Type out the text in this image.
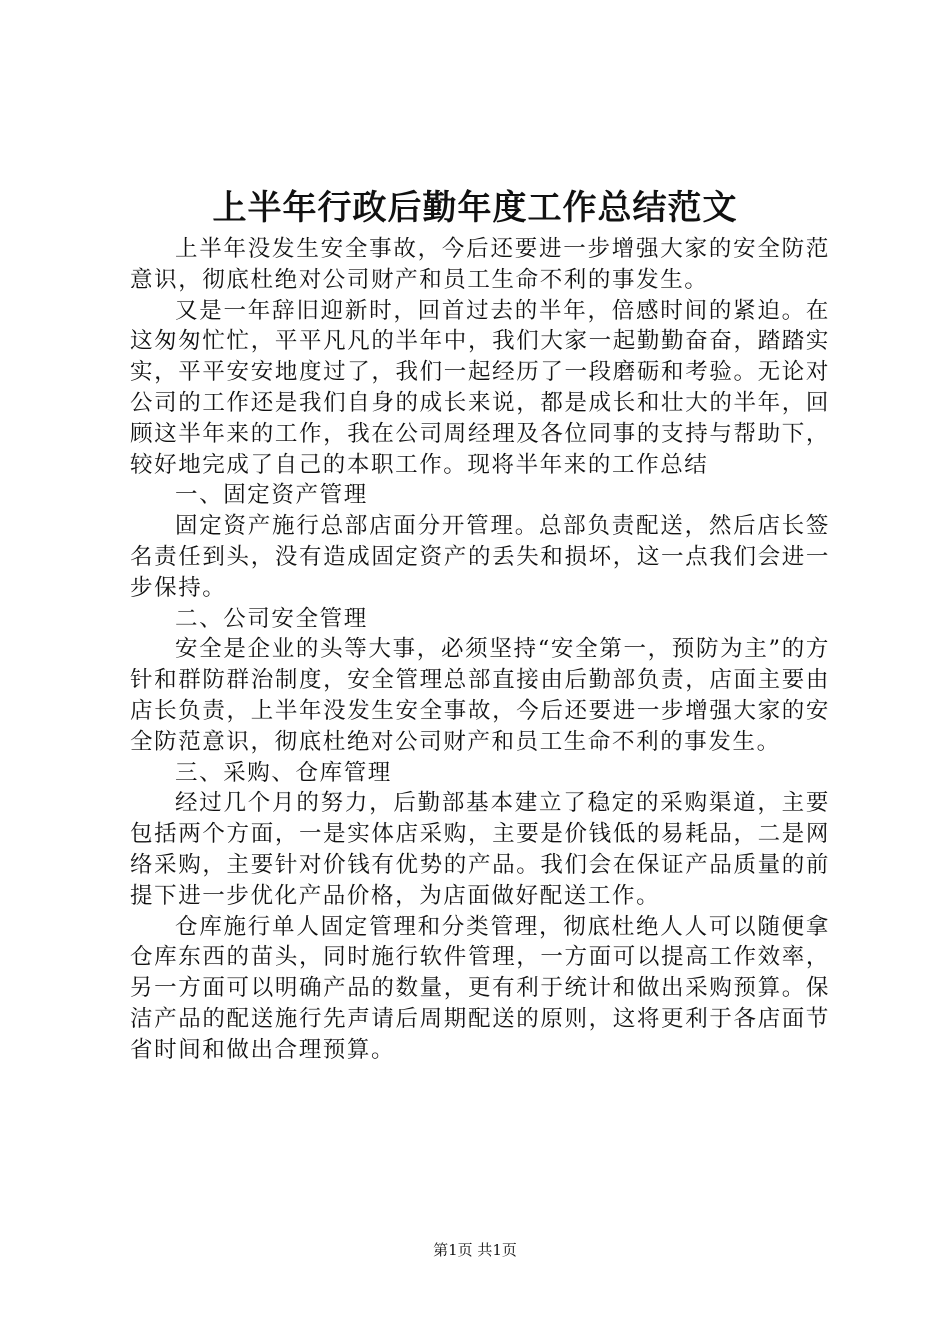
上半年行政后勤年度工作总结范文

上半年没发生安全事故，今后还要进一步增强大家的安全防范意识，彻底杜绝对公司财产和员工生命不利的事发生。

又是一年辞旧迎新时，回首过去的半年，倍感时间的紧迫。在这匆匆忙忙，平平凡凡的半年中，我们大家一起勤勤奋奋，踏踏实实，平平安安地度过了，我们一起经历了一段磨砺和考验。无论对公司的工作还是我们自身的成长来说，都是成长和壮大的半年，回顾这半年来的工作，我在公司周经理及各位同事的支持与帮助下，较好地完成了自己的本职工作。现将半年来的工作总结

一、固定资产管理

固定资产施行总部店面分开管理。总部负责配送，然后店长签名责任到头，没有造成固定资产的丢失和损坏，这一点我们会进一步保持。

二、公司安全管理

安全是企业的头等大事，必须坚持“安全第一，预防为主”的方针和群防群治制度，安全管理总部直接由后勤部负责，店面主要由店长负责，上半年没发生安全事故，今后还要进一步增强大家的安全防范意识，彻底杜绝对公司财产和员工生命不利的事发生。

三、采购、仓库管理

经过几个月的努力，后勤部基本建立了稳定的采购渠道，主要包括两个方面，一是实体店采购，主要是价钱低的易耗品，二是网络采购，主要针对价钱有优势的产品。我们会在保证产品质量的前提下进一步优化产品价格，为店面做好配送工作。

仓库施行单人固定管理和分类管理，彻底杜绝人人可以随便拿仓库东西的苗头，同时施行软件管理，一方面可以提高工作效率，另一方面可以明确产品的数量，更有利于统计和做出采购预算。保洁产品的配送施行先声请后周期配送的原则，这将更利于各店面节省时间和做出合理预算。

第1页 共1页
